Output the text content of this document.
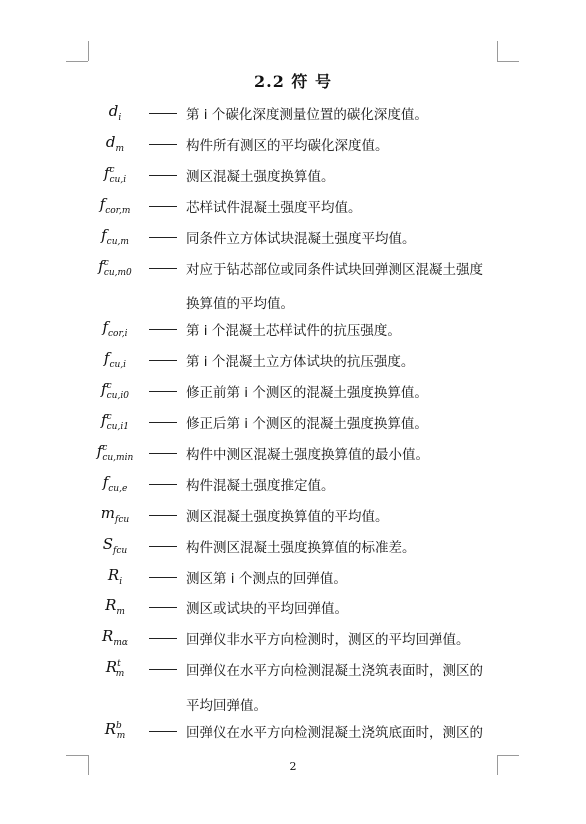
2.2 符 号
$d_i$	第 i 个碳化深度测量位置的碳化深度值。
$d_m$	构件所有测区的平均碳化深度值。
$f^c_{cu,i}$	测区混凝土强度换算值。
$f_{cor,m}$	芯样试件混凝土强度平均值。
$f_{cu,m}$	同条件立方体试块混凝土强度平均值。
$f^c_{cu,m0}$	对应于钻芯部位或同条件试块回弹测区混凝土强度
换算值的平均值。
$f_{cor,i}$	第 i 个混凝土芯样试件的抗压强度。
$f_{cu,i}$	第 i 个混凝土立方体试块的抗压强度。
$f^c_{cu,i0}$	修正前第 i 个测区的混凝土强度换算值。
$f^c_{cu,i1}$	修正后第 i 个测区的混凝土强度换算值。
$f^c_{cu,min}$	构件中测区混凝土强度换算值的最小值。
$f_{cu,e}$	构件混凝土强度推定值。
$m_{fcu}$	测区混凝土强度换算值的平均值。
$S_{fcu}$	构件测区混凝土强度换算值的标准差。
$R_i$	测区第 i 个测点的回弹值。
$R_m$	测区或试块的平均回弹值。
$R_{m\alpha}$	回弹仪非水平方向检测时，测区的平均回弹值。
$R^t_m$	回弹仪在水平方向检测混凝土浇筑表面时，测区的
平均回弹值。
$R^b_m$	回弹仪在水平方向检测混凝土浇筑底面时，测区的
2
